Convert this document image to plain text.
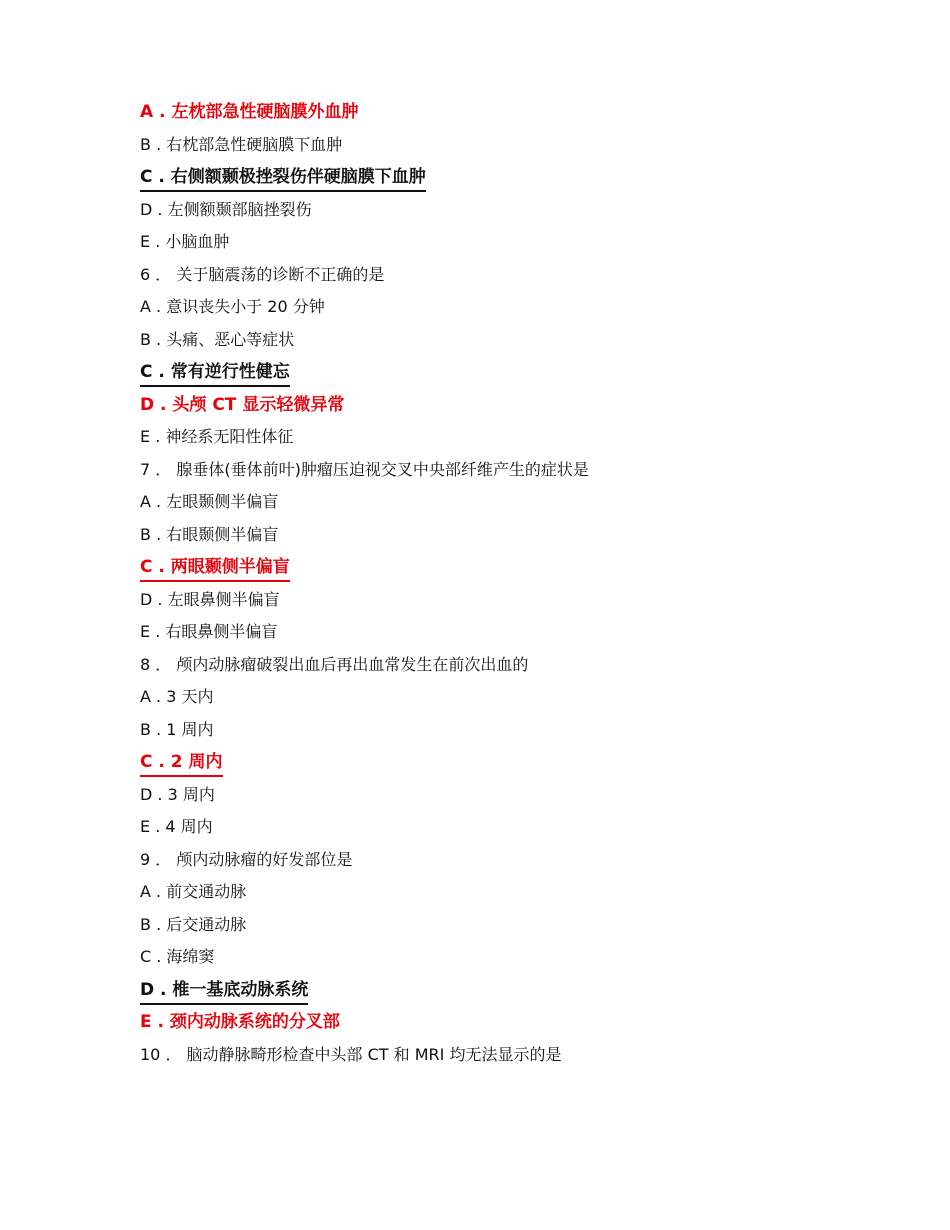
A . 左枕部急性硬脑膜外血肿
B . 右枕部急性硬脑膜下血肿
C . 右侧额颞极挫裂伤伴硬脑膜下血肿
D . 左侧额颞部脑挫裂伤
E . 小脑血肿
6 ． 关于脑震荡的诊断不正确的是
A . 意识丧失小于 20 分钟
B . 头痛、恶心等症状
C . 常有逆行性健忘
D . 头颅 CT 显示轻微异常
E . 神经系无阳性体征
7 ． 腺垂体(垂体前叶)肿瘤压迫视交叉中央部纤维产生的症状是
A . 左眼颞侧半偏盲
B . 右眼颞侧半偏盲
C . 两眼颞侧半偏盲
D . 左眼鼻侧半偏盲
E . 右眼鼻侧半偏盲
8 ． 颅内动脉瘤破裂出血后再出血常发生在前次出血的
A . 3 天内
B . 1 周内
C . 2 周内
D . 3 周内
E . 4 周内
9 ． 颅内动脉瘤的好发部位是
A . 前交通动脉
B . 后交通动脉
C . 海绵窦
D . 椎一基底动脉系统
E . 颈内动脉系统的分叉部
10 ． 脑动静脉畸形检查中头部 CT 和 MRI 均无法显示的是
